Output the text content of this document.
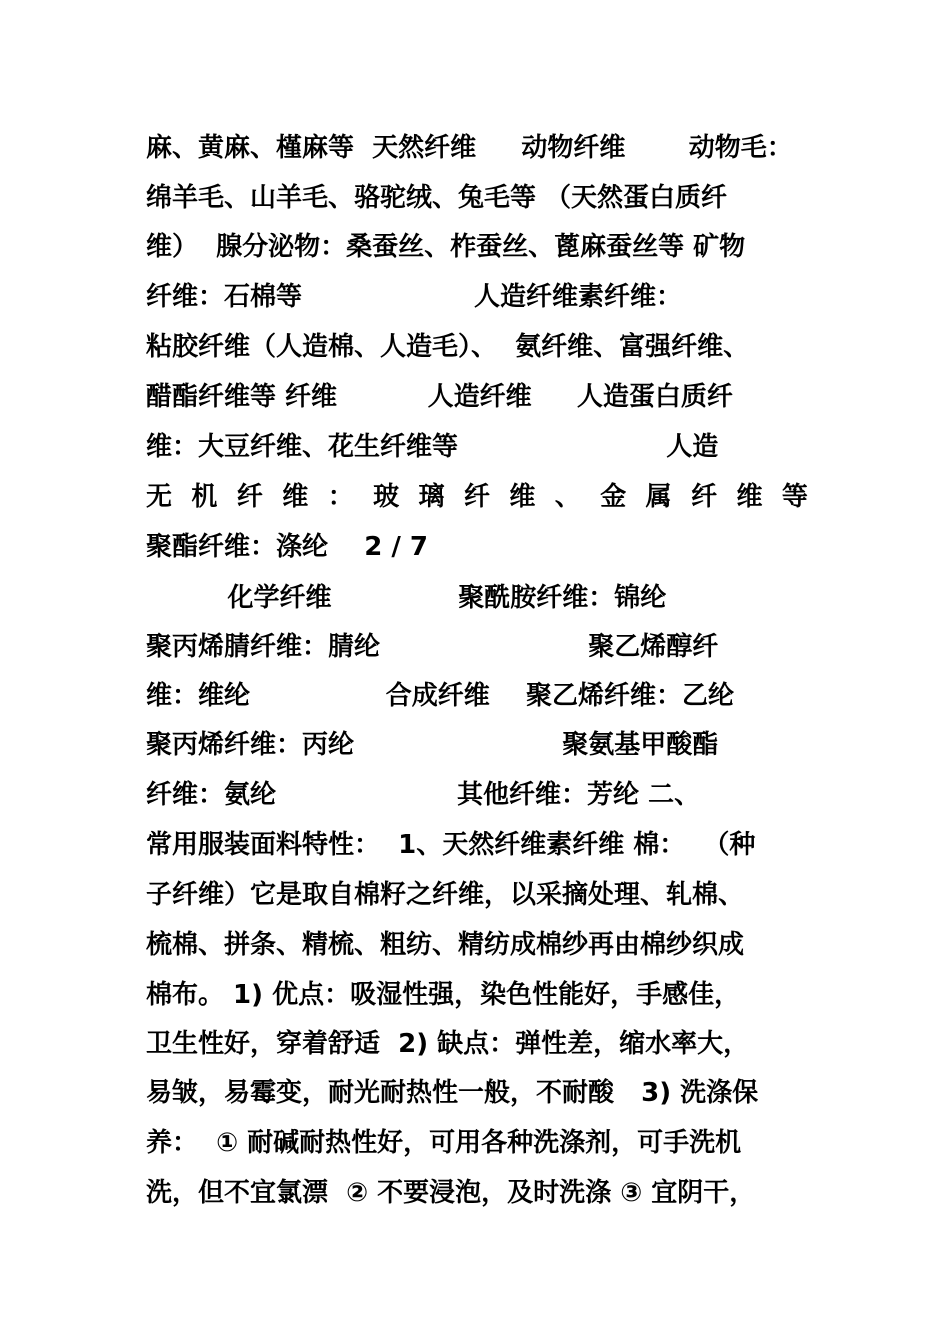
麻、黄麻、槿麻等  天然纤维     动物纤维       动物毛：
绵羊毛、山羊毛、骆驼绒、兔毛等 （天然蛋白质纤
维）  腺分泌物：桑蚕丝、柞蚕丝、蓖麻蚕丝等 矿物
纤维：石棉等                   人造纤维素纤维：
粘胶纤维（人造棉、人造毛）、  氨纤维、富强纤维、
醋酯纤维等 纤维          人造纤维     人造蛋白质纤
维：大豆纤维、花生纤维等                       人造
无 机 纤 维 ： 玻 璃 纤 维 、 金 属 纤 维 等
聚酯纤维：涤纶    2 / 7
化学纤维              聚酰胺纤维：锦纶
聚丙烯腈纤维：腈纶                       聚乙烯醇纤
维：维纶               合成纤维    聚乙烯纤维：乙纶
聚丙烯纤维：丙纶                       聚氨基甲酸酯
纤维：氨纶                    其他纤维：芳纶 二、
常用服装面料特性：  1、天然纤维素纤维 棉：  （种
子纤维）它是取自棉籽之纤维，以采摘处理、轧棉、
梳棉、拼条、精梳、粗纺、精纺成棉纱再由棉纱织成
棉布。 1) 优点：吸湿性强，染色性能好，手感佳，
卫生性好，穿着舒适  2) 缺点：弹性差，缩水率大，
易皱，易霉变，耐光耐热性一般，不耐酸   3) 洗涤保
养：  ① 耐碱耐热性好，可用各种洗涤剂，可手洗机
洗，但不宜氯漂  ② 不要浸泡，及时洗涤 ③ 宜阴干，
